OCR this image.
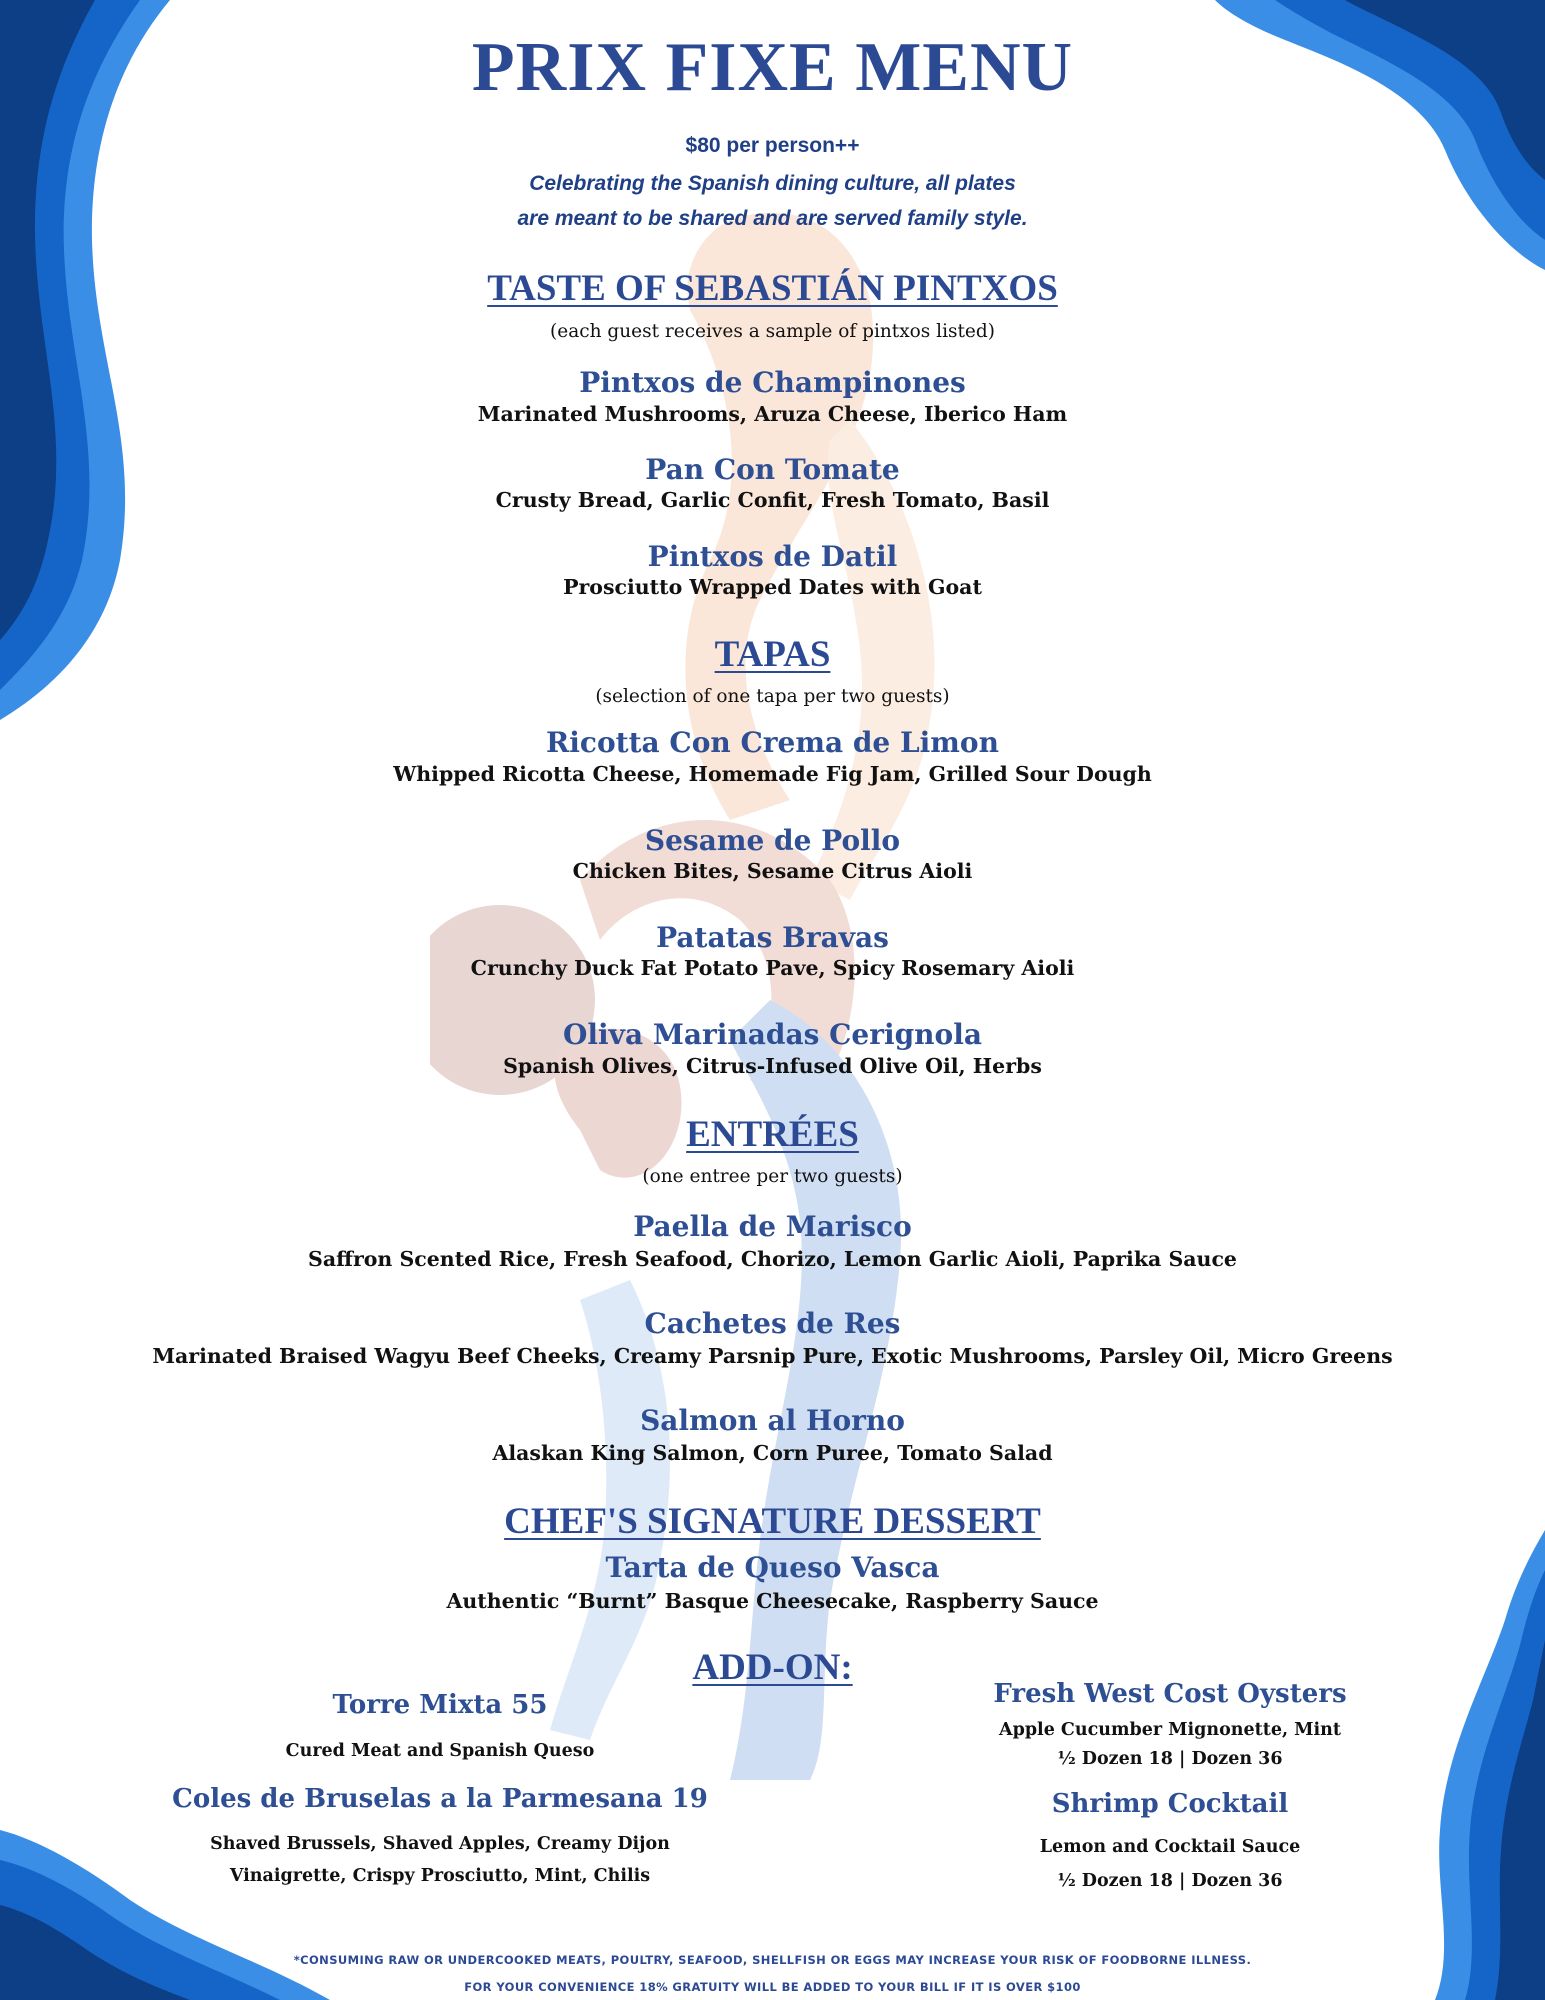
PRIX FIXE MENU
$80 per person++
Celebrating the Spanish dining culture, all plates
are meant to be shared and are served family style.
TASTE OF SEBASTIÁN PINTXOS
(each guest receives a sample of pintxos listed)
Pintxos de Champinones
Marinated Mushrooms, Aruza Cheese, Iberico Ham
Pan Con Tomate
Crusty Bread, Garlic Confit, Fresh Tomato, Basil
Pintxos de Datil
Prosciutto Wrapped Dates with Goat
TAPAS
(selection of one tapa per two guests)
Ricotta Con Crema de Limon
Whipped Ricotta Cheese, Homemade Fig Jam, Grilled Sour Dough
Sesame de Pollo
Chicken Bites, Sesame Citrus Aioli
Patatas Bravas
Crunchy Duck Fat Potato Pave, Spicy Rosemary Aioli
Oliva Marinadas Cerignola
Spanish Olives, Citrus-Infused Olive Oil, Herbs
ENTRÉES
(one entree per two guests)
Paella de Marisco
Saffron Scented Rice, Fresh Seafood, Chorizo, Lemon Garlic Aioli, Paprika Sauce
Cachetes de Res
Marinated Braised Wagyu Beef Cheeks, Creamy Parsnip Pure, Exotic Mushrooms, Parsley Oil, Micro Greens
Salmon al Horno
Alaskan King Salmon, Corn Puree, Tomato Salad
CHEF'S SIGNATURE DESSERT
Tarta de Queso Vasca
Authentic “Burnt” Basque Cheesecake, Raspberry Sauce
ADD-ON:
Torre Mixta 55
Cured Meat and Spanish Queso
Coles de Bruselas a la Parmesana 19
Shaved Brussels, Shaved Apples, Creamy Dijon
Vinaigrette, Crispy Prosciutto, Mint, Chilis
Fresh West Cost Oysters
Apple Cucumber Mignonette, Mint
½ Dozen 18 | Dozen 36
Shrimp Cocktail
Lemon and Cocktail Sauce
½ Dozen 18 | Dozen 36
*CONSUMING RAW OR UNDERCOOKED MEATS, POULTRY, SEAFOOD, SHELLFISH OR EGGS MAY INCREASE YOUR RISK OF FOODBORNE ILLNESS.
FOR YOUR CONVENIENCE 18% GRATUITY WILL BE ADDED TO YOUR BILL IF IT IS OVER $100
